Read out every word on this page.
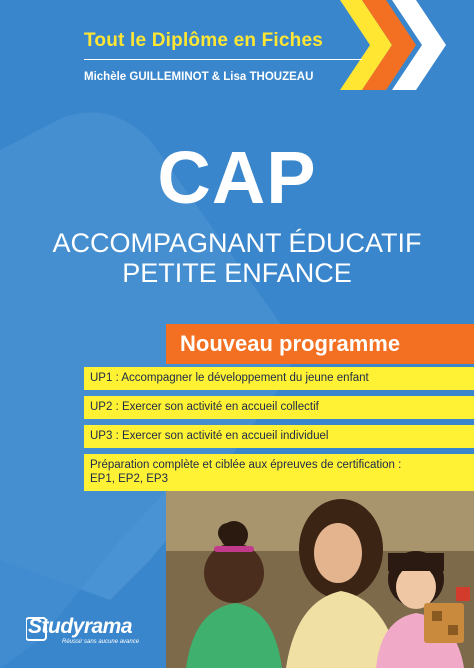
Tout le Diplôme en Fiches
Michèle GUILLEMINOT & Lisa THOUZEAU
CAP
ACCOMPAGNANT ÉDUCATIF
PETITE ENFANCE
Nouveau programme
UP1 : Accompagner le développement du jeune enfant
UP2 : Exercer son activité en accueil collectif
UP3 : Exercer son activité en accueil individuel
Préparation complète et ciblée aux épreuves de certification :
EP1, EP2, EP3
Studyrama
Réussir sans aucune avance
